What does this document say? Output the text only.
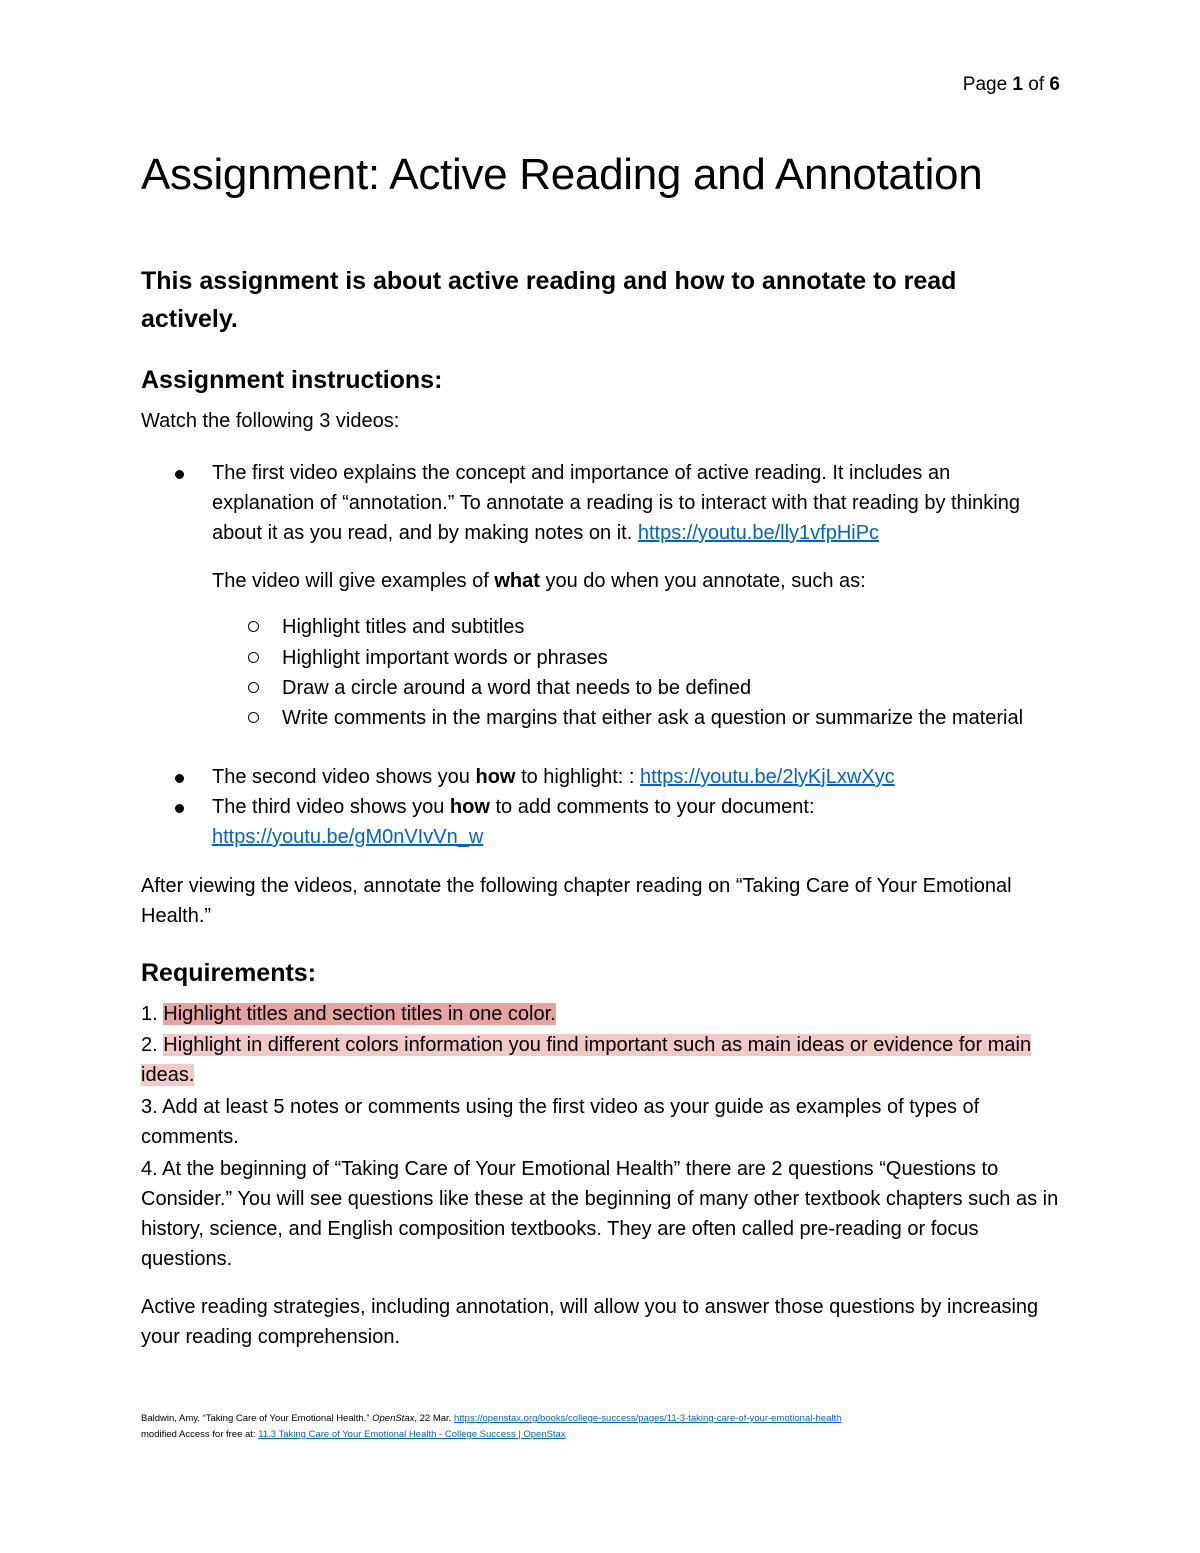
Page 1 of 6
Assignment: Active Reading and Annotation

This assignment is about active reading and how to annotate to read actively.

Assignment instructions:

Watch the following 3 videos:

The first video explains the concept and importance of active reading. It includes an explanation of “annotation.” To annotate a reading is to interact with that reading by thinking about it as you read, and by making notes on it. https://youtu.be/lly1vfpHiPc
The video will give examples of what you do when you annotate, such as:
Highlight titles and subtitles
Highlight important words or phrases
Draw a circle around a word that needs to be defined
Write comments in the margins that either ask a question or summarize the material
The second video shows you how to highlight: : https://youtu.be/2lyKjLxwXyc
The third video shows you how to add comments to your document:
https://youtu.be/gM0nVIvVn_w

After viewing the videos, annotate the following chapter reading on “Taking Care of Your Emotional Health.”

Requirements:
1. Highlight titles and section titles in one color.
2. Highlight in different colors information you find important such as main ideas or evidence for main ideas.
3. Add at least 5 notes or comments using the first video as your guide as examples of types of comments.
4. At the beginning of “Taking Care of Your Emotional Health” there are 2 questions “Questions to Consider.” You will see questions like these at the beginning of many other textbook chapters such as in history, science, and English composition textbooks. They are often called pre-reading or focus questions.

Active reading strategies, including annotation, will allow you to answer those questions by increasing your reading comprehension.

Baldwin, Amy. “Taking Care of Your Emotional Health.” OpenStax, 22 Mar. https://openstax.org/books/college-success/pages/11-3-taking-care-of-your-emotional-health
modified Access for free at: 11.3 Taking Care of Your Emotional Health - College Success | OpenStax
